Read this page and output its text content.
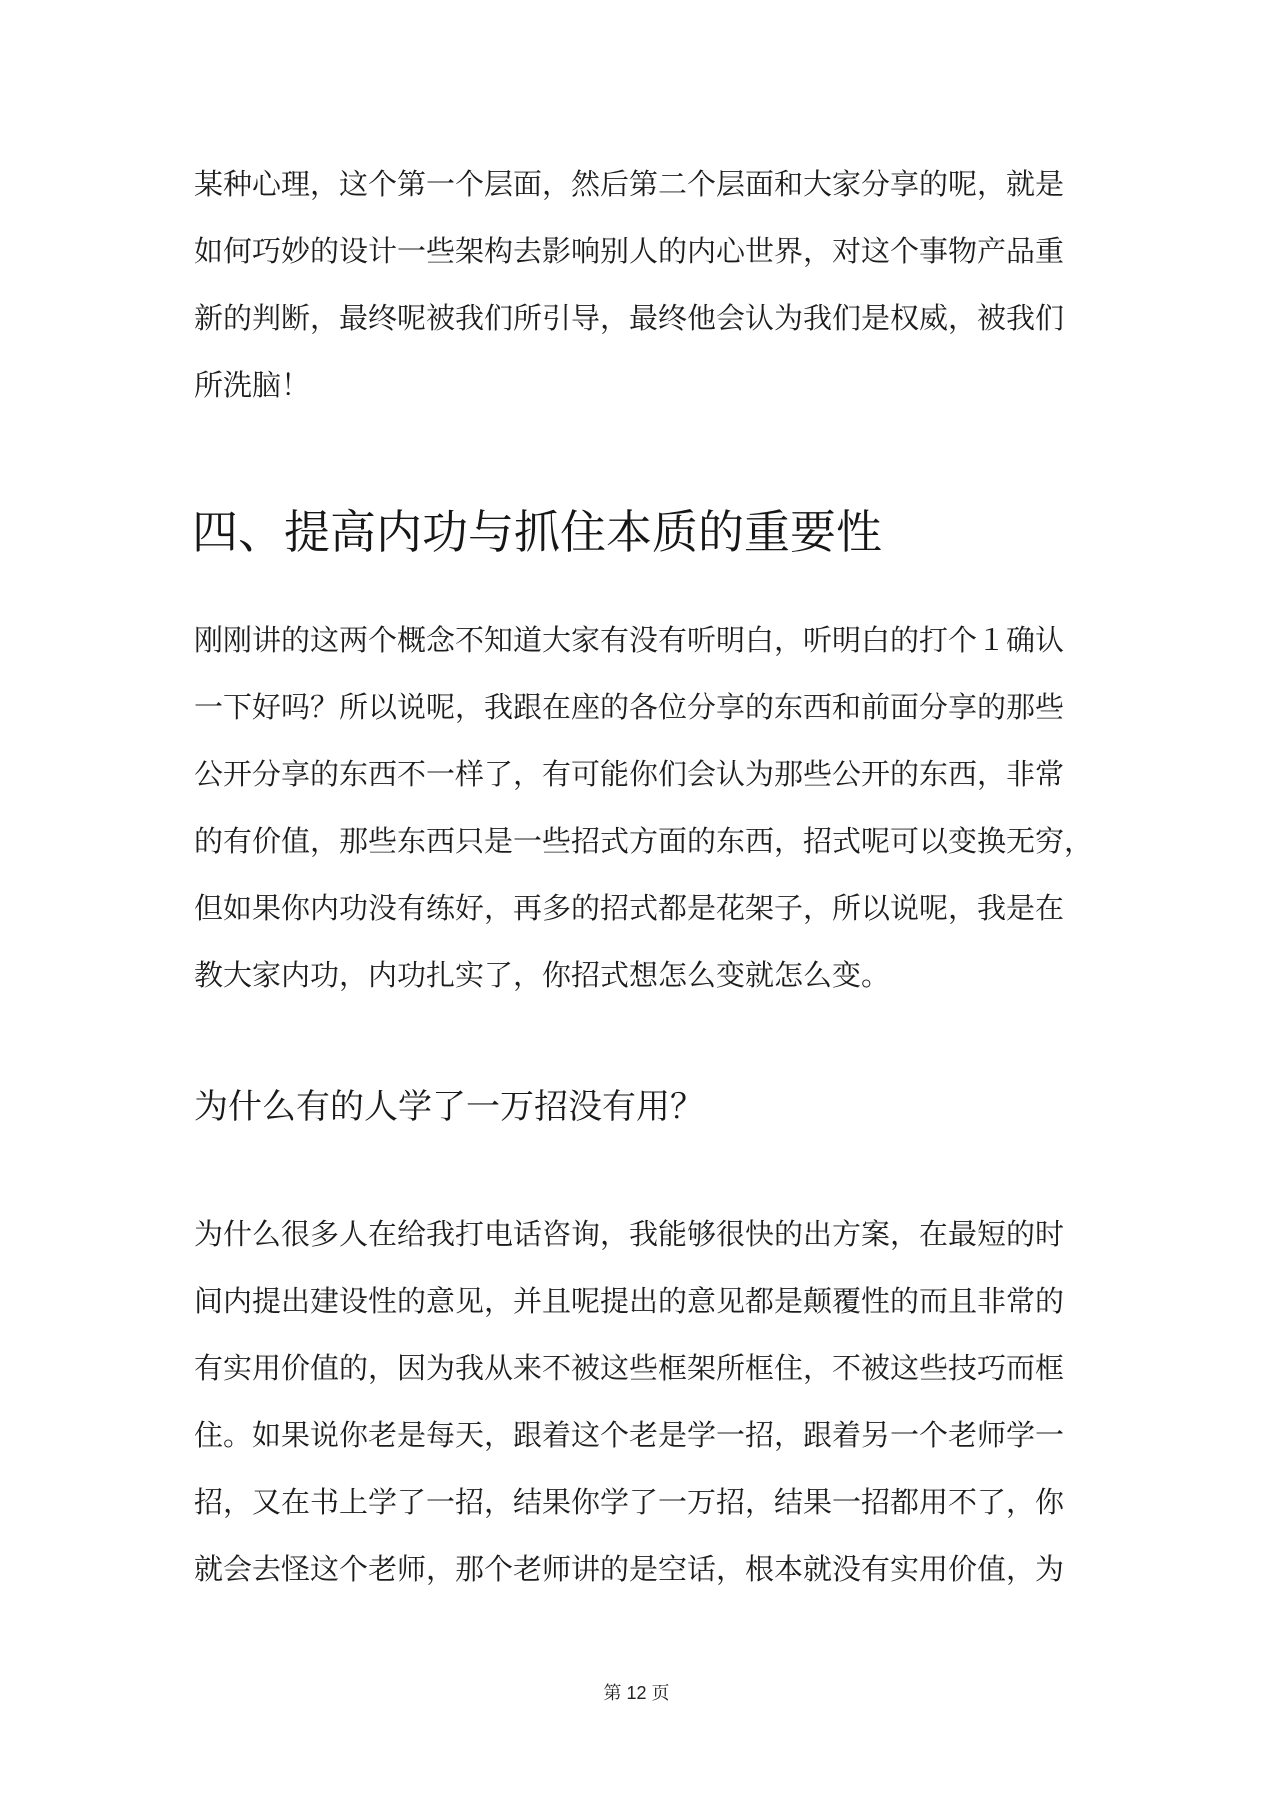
某种心理，这个第一个层面，然后第二个层面和大家分享的呢，就是
如何巧妙的设计一些架构去影响别人的内心世界，对这个事物产品重
新的判断，最终呢被我们所引导，最终他会认为我们是权威，被我们
所洗脑！
四、提高内功与抓住本质的重要性
刚刚讲的这两个概念不知道大家有没有听明白，听明白的打个１确认
一下好吗？所以说呢，我跟在座的各位分享的东西和前面分享的那些
公开分享的东西不一样了，有可能你们会认为那些公开的东西，非常
的有价值，那些东西只是一些招式方面的东西，招式呢可以变换无穷，
但如果你内功没有练好，再多的招式都是花架子，所以说呢，我是在
教大家内功，内功扎实了，你招式想怎么变就怎么变。
为什么有的人学了一万招没有用？
为什么很多人在给我打电话咨询，我能够很快的出方案，在最短的时
间内提出建设性的意见，并且呢提出的意见都是颠覆性的而且非常的
有实用价值的，因为我从来不被这些框架所框住，不被这些技巧而框
住。如果说你老是每天，跟着这个老是学一招，跟着另一个老师学一
招，又在书上学了一招，结果你学了一万招，结果一招都用不了，你
就会去怪这个老师，那个老师讲的是空话，根本就没有实用价值，为
第 12 页
